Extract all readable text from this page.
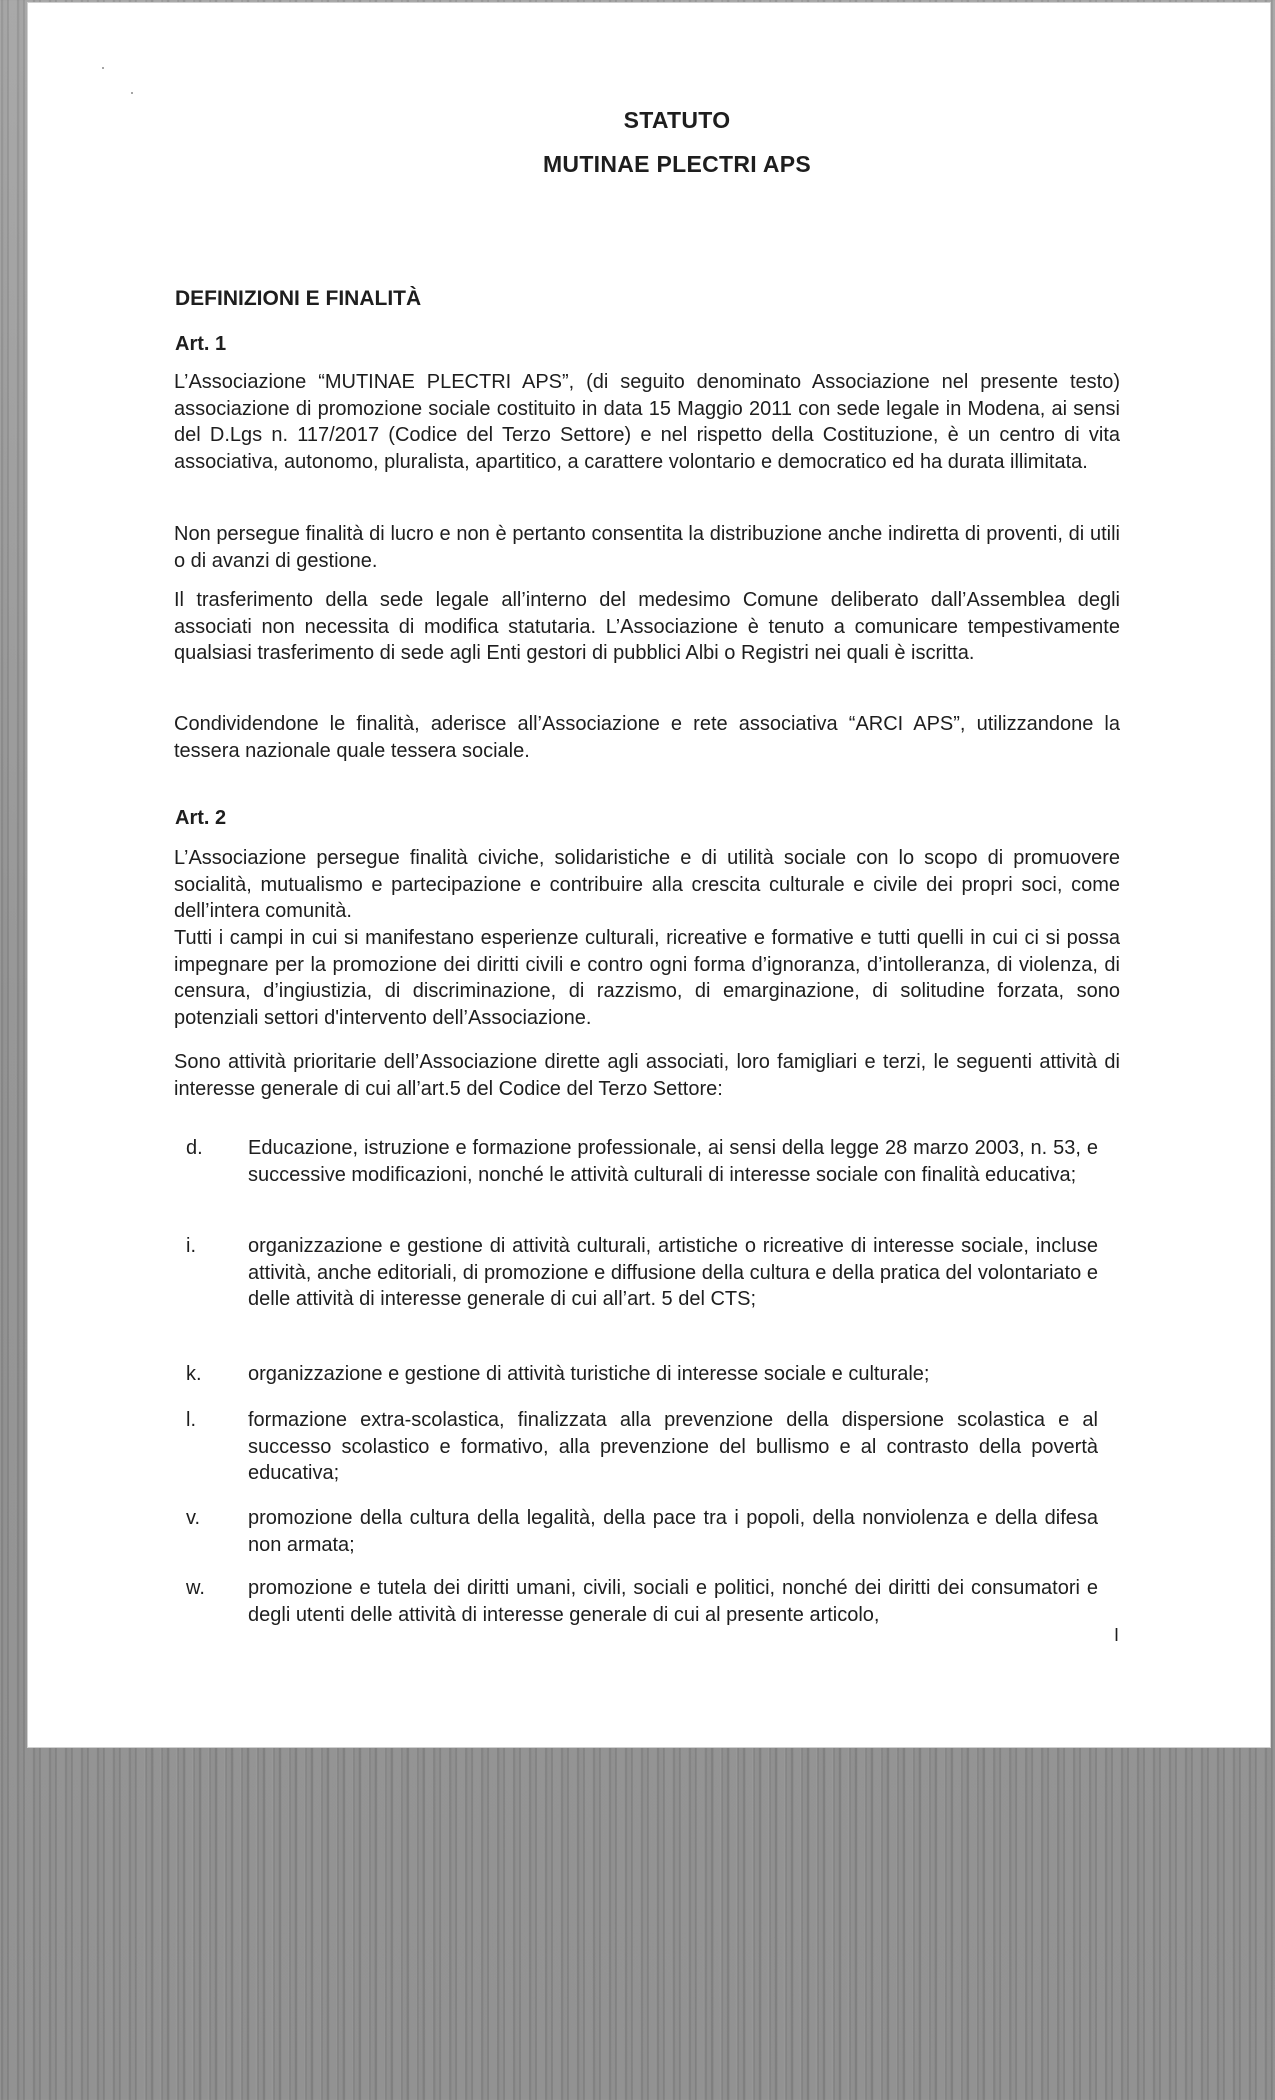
STATUTO
MUTINAE PLECTRI APS
DEFINIZIONI E FINALITÀ
Art. 1
L’Associazione “MUTINAE PLECTRI APS”, (di seguito denominato Associazione nel presente testo) associazione di promozione sociale costituito in data 15 Maggio 2011 con sede legale in Modena, ai sensi del D.Lgs n. 117/2017 (Codice del Terzo Settore) e nel rispetto della Costituzione, è un centro di vita associativa, autonomo, pluralista, apartitico, a carattere volontario e democratico ed ha durata illimitata.
Non persegue finalità di lucro e non è pertanto consentita la distribuzione anche indiretta di proventi, di utili o di avanzi di gestione.
Il trasferimento della sede legale all’interno del medesimo Comune deliberato dall’Assemblea degli associati non necessita di modifica statutaria. L’Associazione è tenuto a comunicare tempestivamente qualsiasi trasferimento di sede agli Enti gestori di pubblici Albi o Registri nei quali è iscritta.
Condividendone le finalità, aderisce all’Associazione e rete associativa “ARCI APS”, utilizzandone la tessera nazionale quale tessera sociale.
Art. 2
L’Associazione persegue finalità civiche, solidaristiche e di utilità sociale con lo scopo di promuovere socialità, mutualismo e partecipazione e contribuire alla crescita culturale e civile dei propri soci, come dell’intera comunità.
Tutti i campi in cui si manifestano esperienze culturali, ricreative e formative e tutti quelli in cui ci si possa impegnare per la promozione dei diritti civili e contro ogni forma d’ignoranza, d’intolleranza, di violenza, di censura, d’ingiustizia, di discriminazione, di razzismo, di emarginazione, di solitudine forzata, sono potenziali settori d'intervento dell’Associazione.
Sono attività prioritarie dell’Associazione dirette agli associati, loro famigliari e terzi, le seguenti attività di interesse generale di cui all’art.5 del Codice del Terzo Settore:
d. Educazione, istruzione e formazione professionale, ai sensi della legge 28 marzo 2003, n. 53, e successive modificazioni, nonché le attività culturali di interesse sociale con finalità educativa;
i.	organizzazione e gestione di attività culturali, artistiche o ricreative di interesse sociale, incluse attività, anche editoriali, di promozione e diffusione della cultura e della pratica del volontariato e delle attività di interesse generale di cui all’art. 5 del CTS;
k. organizzazione e gestione di attività turistiche di interesse sociale e culturale;
l.	formazione extra-scolastica, finalizzata alla prevenzione della dispersione scolastica e al successo scolastico e formativo, alla prevenzione del bullismo e al contrasto della povertà educativa;
v. promozione della cultura della legalità, della pace tra i popoli, della nonviolenza e della difesa non armata;
w. promozione e tutela dei diritti umani, civili, sociali e politici, nonché dei diritti dei consumatori e degli utenti delle attività di interesse generale di cui al presente articolo,
I
